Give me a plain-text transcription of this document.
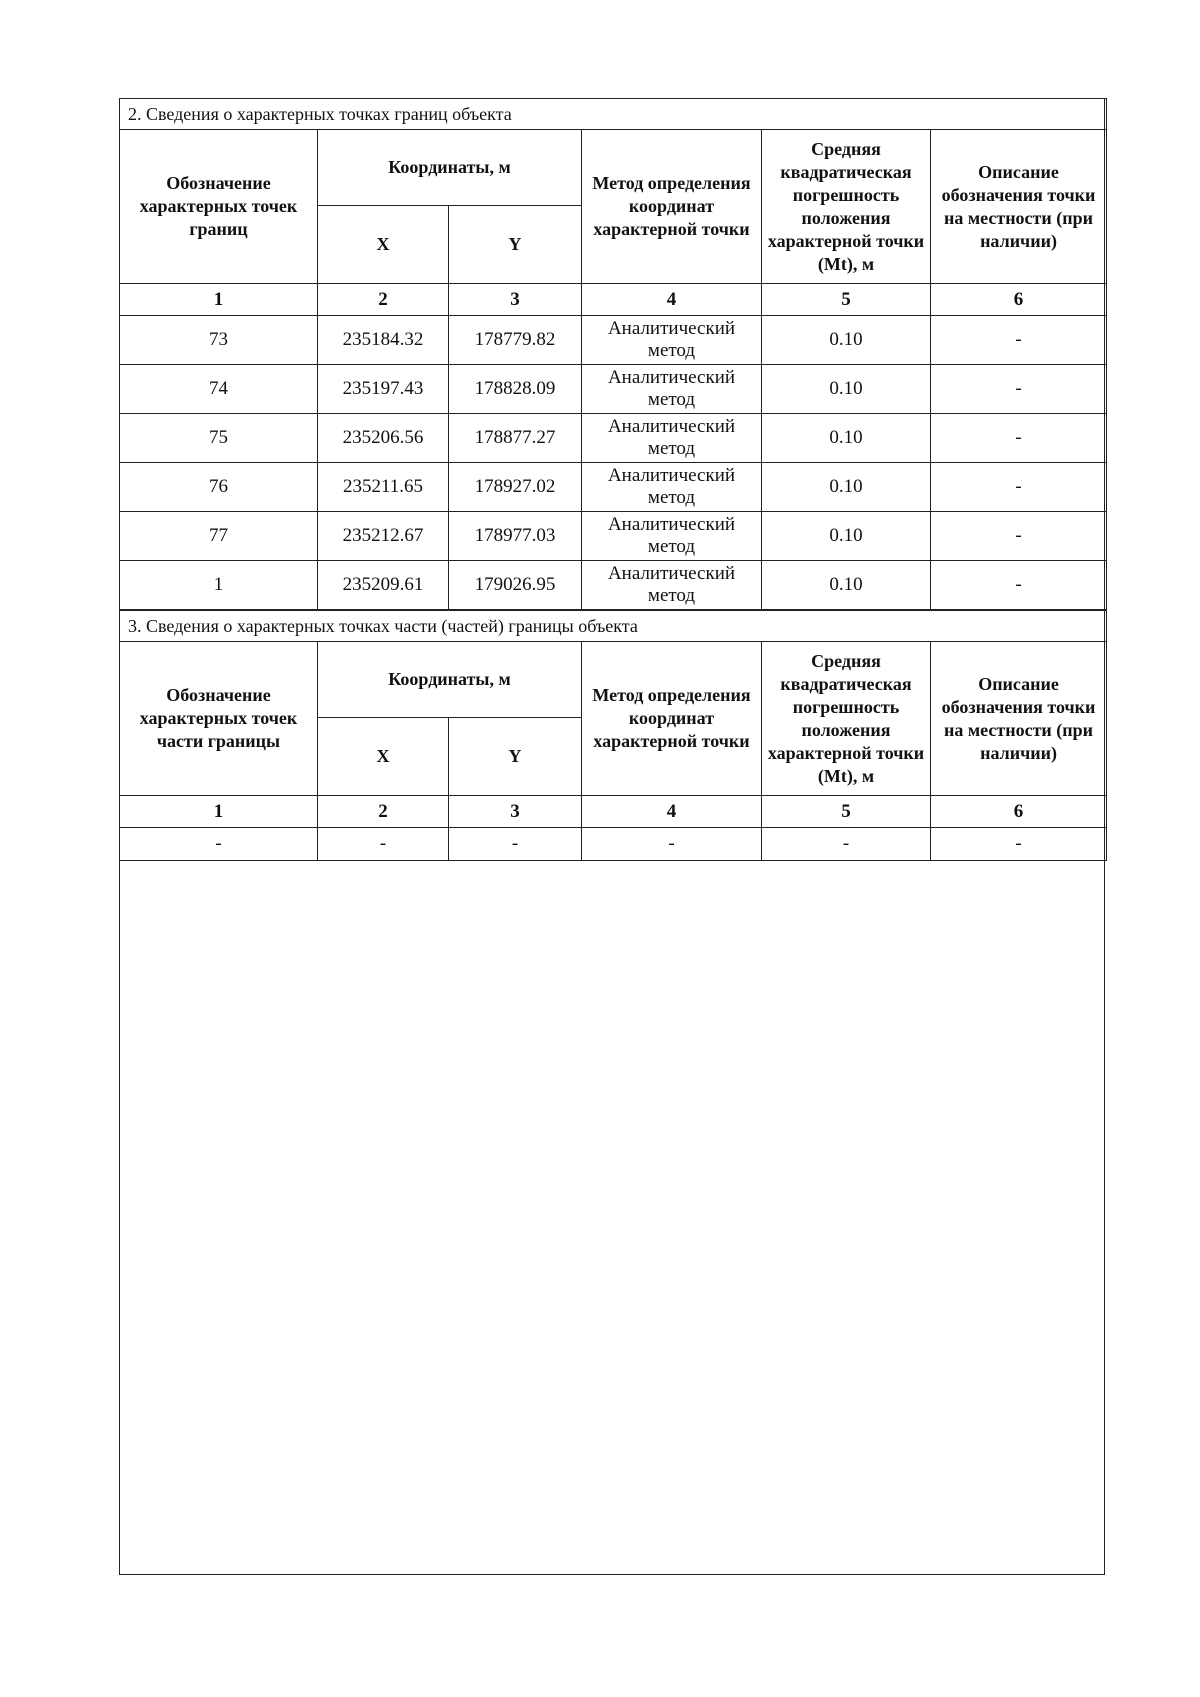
2. Сведения о характерных точках границ объекта					
Обозначение характерных точек границ	Координаты, м		Метод определения координат характерной точки	Средняя квадратическая погрешность положения характерной точки (Mt), м	Описание обозначения точки на местности (при наличии)
	X	Y			
1	2	3	4	5	6
73	235184.32	178779.82	Аналитический метод	0.10	-
74	235197.43	178828.09	Аналитический метод	0.10	-
75	235206.56	178877.27	Аналитический метод	0.10	-
76	235211.65	178927.02	Аналитический метод	0.10	-
77	235212.67	178977.03	Аналитический метод	0.10	-
1	235209.61	179026.95	Аналитический метод	0.10	-
3. Сведения о характерных точках части (частей) границы объекта					
Обозначение характерных точек части границы	Координаты, м		Метод определения координат характерной точки	Средняя квадратическая погрешность положения характерной точки (Mt), м	Описание обозначения точки на местности (при наличии)
	X	Y			
1	2	3	4	5	6
-	-	-	-	-	-
